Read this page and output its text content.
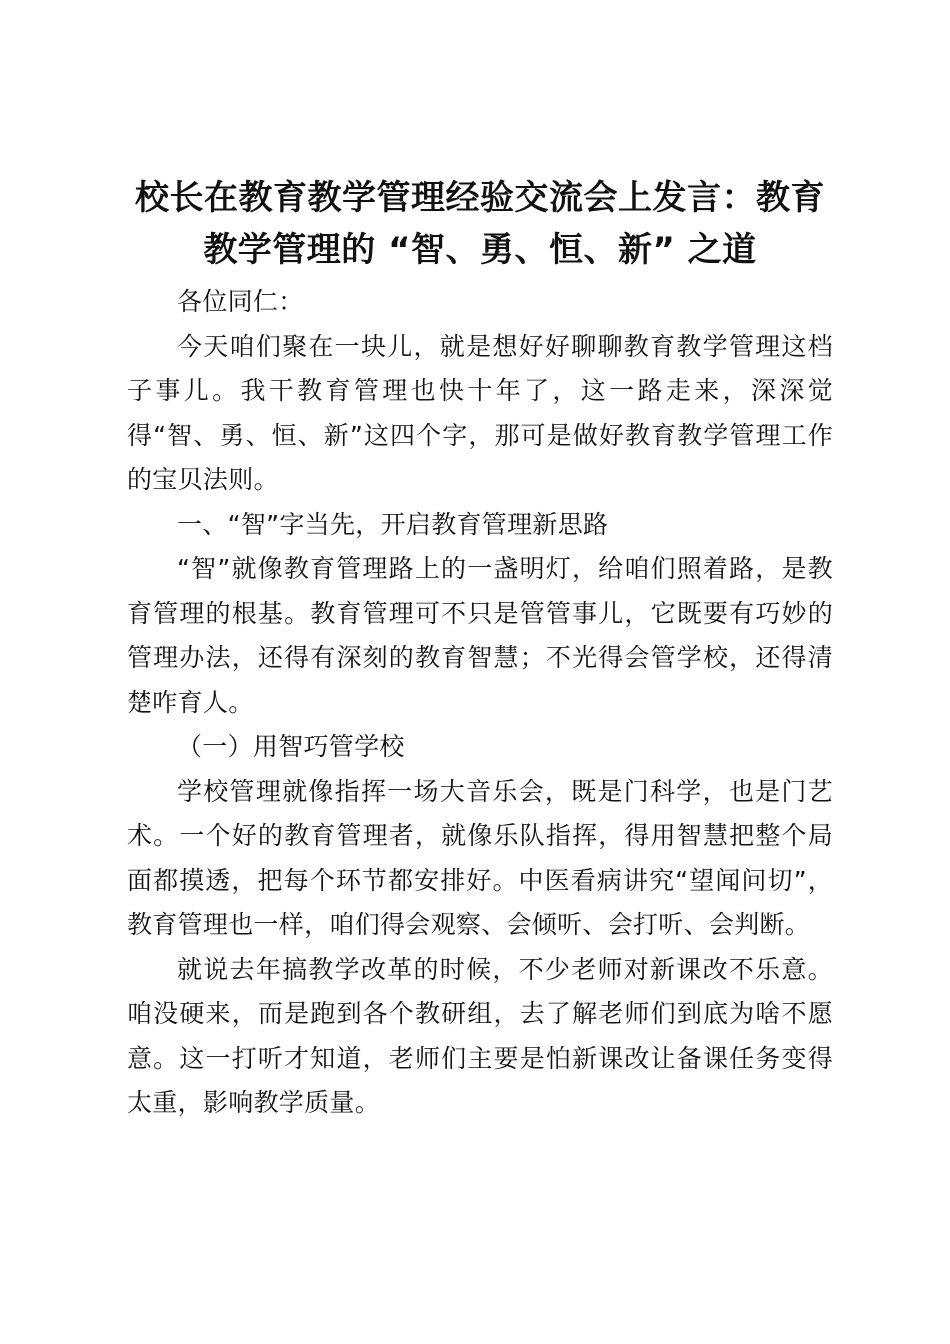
校长在教育教学管理经验交流会上发言：教育
教学管理的 “智、勇、恒、新” 之道

各位同仁：

今天咱们聚在一块儿，就是想好好聊聊教育教学管理这档子事儿。我干教育管理也快十年了，这一路走来，深深觉得“智、勇、恒、新”这四个字，那可是做好教育教学管理工作的宝贝法则。

一、“智”字当先，开启教育管理新思路

“智”就像教育管理路上的一盏明灯，给咱们照着路，是教育管理的根基。教育管理可不只是管管事儿，它既要有巧妙的管理办法，还得有深刻的教育智慧；不光得会管学校，还得清楚咋育人。

（一）用智巧管学校

学校管理就像指挥一场大音乐会，既是门科学，也是门艺术。一个好的教育管理者，就像乐队指挥，得用智慧把整个局面都摸透，把每个环节都安排好。中医看病讲究“望闻问切”，教育管理也一样，咱们得会观察、会倾听、会打听、会判断。

就说去年搞教学改革的时候，不少老师对新课改不乐意。咱没硬来，而是跑到各个教研组，去了解老师们到底为啥不愿意。这一打听才知道，老师们主要是怕新课改让备课任务变得太重，影响教学质量。
